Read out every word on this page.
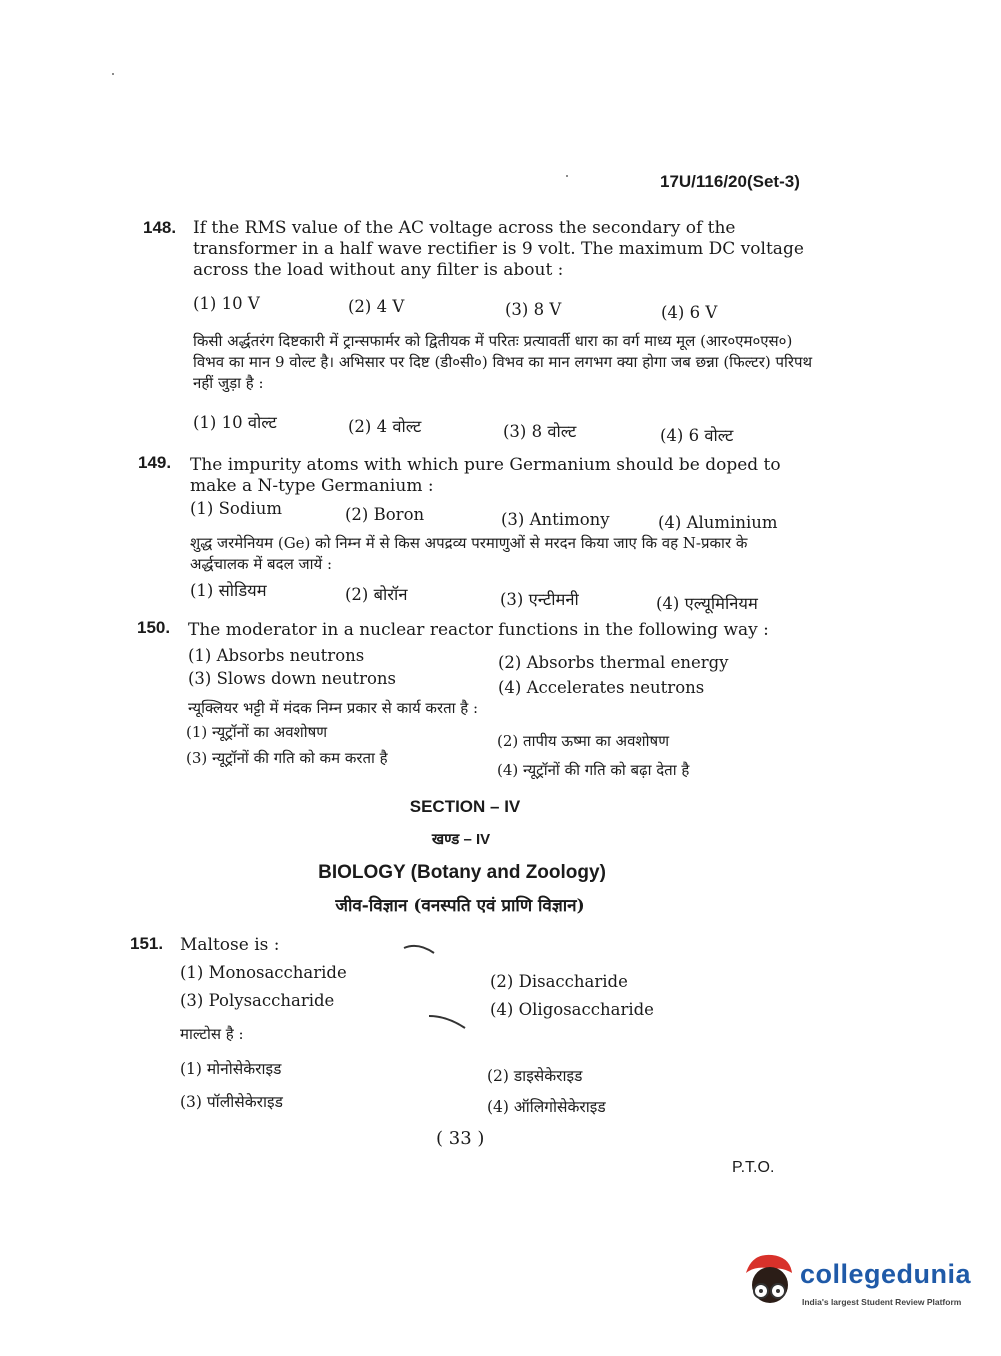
17U/116/20(Set-3)
148. If the RMS value of the AC voltage across the secondary of the transformer in a half wave rectifier is 9 volt. The maximum DC voltage across the load without any filter is about :
(1) 10 V	(2) 4 V	(3) 8 V	(4) 6 V
किसी अर्द्धतरंग दिष्टकारी में ट्रान्सफार्मर को द्वितीयक में परितः प्रत्यावर्ती धारा का वर्ग माध्य मूल (आर०एम०एस०) विभव का मान 9 वोल्ट है। अभिसार पर दिष्ट (डी०सी०) विभव का मान लगभग क्या होगा जब छन्ना (फिल्टर) परिपथ नहीं जुड़ा है :
(1) 10 वोल्ट	(2) 4 वोल्ट	(3) 8 वोल्ट	(4) 6 वोल्ट
149. The impurity atoms with which pure Germanium should be doped to make a N-type Germanium :
(1) Sodium	(2) Boron	(3) Antimony	(4) Aluminium
शुद्ध जरमेनियम (Ge) को निम्न में से किस अपद्रव्य परमाणुओं से मरदन किया जाए कि वह N-प्रकार के अर्द्धचालक में बदल जायें :
(1) सोडियम	(2) बोरॉन	(3) एन्टीमनी	(4) एल्यूमिनियम
150. The moderator in a nuclear reactor functions in the following way :
(1) Absorbs neutrons	(2) Absorbs thermal energy
(3) Slows down neutrons	(4) Accelerates neutrons
न्यूक्लियर भट्टी में मंदक निम्न प्रकार से कार्य करता है :
(1) न्यूट्रॉनों का अवशोषण	(2) तापीय ऊष्मा का अवशोषण
(3) न्यूट्रॉनों की गति को कम करता है
(4) न्यूट्रॉनों की गति को बढ़ा देता है
SECTION – IV
खण्ड – IV
BIOLOGY (Botany and Zoology)
जीव-विज्ञान (वनस्पति एवं प्राणि विज्ञान)
151. Maltose is :
(1) Monosaccharide	(2) Disaccharide
(3) Polysaccharide	(4) Oligosaccharide
माल्टोस है :
(1) मोनोसेकेराइड	(2) डाइसेकेराइड
(3) पॉलीसेकेराइड	(4) ऑलिगोसेकेराइड
( 33 )
P.T.O.
collegedunia
India's largest Student Review Platform
